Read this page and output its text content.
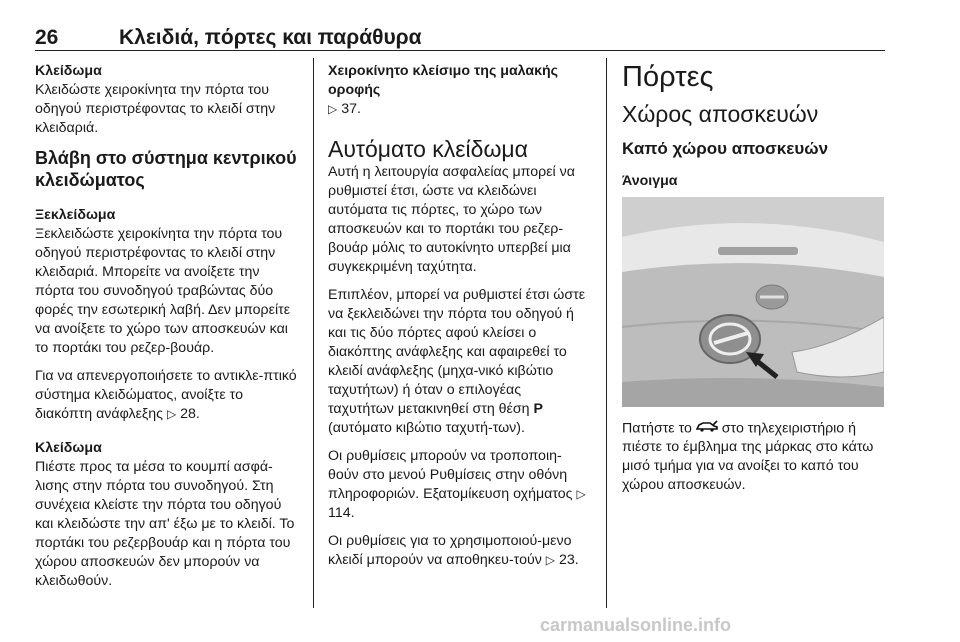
26	Κλειδιά, πόρτες και παράθυρα

Κλείδωμα

Κλειδώστε χειροκίνητα την πόρτα του οδηγού περιστρέφοντας το κλειδί στην κλειδαριά.

Βλάβη στο σύστημα κεντρικού κλειδώματος

Ξεκλείδωμα

Ξεκλειδώστε χειροκίνητα την πόρτα του οδηγού περιστρέφοντας το κλειδί στην κλειδαριά. Μπορείτε να ανοίξετε την πόρτα του συνοδηγού τραβώντας δύο φορές την εσωτερική λαβή. Δεν μπορείτε να ανοίξετε το χώρο των αποσκευών και το πορτάκι του ρεζερ-βουάρ.

Για να απενεργοποιήσετε το αντικλε-πτικό σύστημα κλειδώματος, ανοίξτε το διακόπτη ανάφλεξης ▷ 28.

Κλείδωμα

Πιέστε προς τα μέσα το κουμπί ασφά-λισης στην πόρτα του συνοδηγού. Στη συνέχεια κλείστε την πόρτα του οδηγού και κλειδώστε την απ' έξω με το κλειδί. Το πορτάκι του ρεζερβουάρ και η πόρτα του χώρου αποσκευών δεν μπορούν να κλειδωθούν.

Χειροκίνητο κλείσιμο της μαλακής οροφής

▷ 37.

Αυτόματο κλείδωμα

Αυτή η λειτουργία ασφαλείας μπορεί να ρυθμιστεί έτσι, ώστε να κλειδώνει αυτόματα τις πόρτες, το χώρο των αποσκευών και το πορτάκι του ρεζερ-βουάρ μόλις το αυτοκίνητο υπερβεί μια συγκεκριμένη ταχύτητα.

Επιπλέον, μπορεί να ρυθμιστεί έτσι ώστε να ξεκλειδώνει την πόρτα του οδηγού ή και τις δύο πόρτες αφού κλείσει ο διακόπτης ανάφλεξης και αφαιρεθεί το κλειδί ανάφλεξης (μηχα-νικό κιβώτιο ταχυτήτων) ή όταν ο επιλογέας ταχυτήτων μετακινηθεί στη θέση P (αυτόματο κιβώτιο ταχυτή-των).

Οι ρυθμίσεις μπορούν να τροποποιη-θούν στο μενού Ρυθμίσεις στην οθόνη πληροφοριών. Εξατομίκευση οχήματος ▷ 114.

Οι ρυθμίσεις για το χρησιμοποιού-μενο κλειδί μπορούν να αποθηκευ-τούν ▷ 23.

Πόρτες

Χώρος αποσκευών

Καπό χώρου αποσκευών

Άνοιγμα

Πατήστε το στο τηλεχειριστήριο ή πιέστε το έμβλημα της μάρκας στο κάτω μισό τμήμα για να ανοίξει το καπό του χώρου αποσκευών.

carmanualsonline.info
